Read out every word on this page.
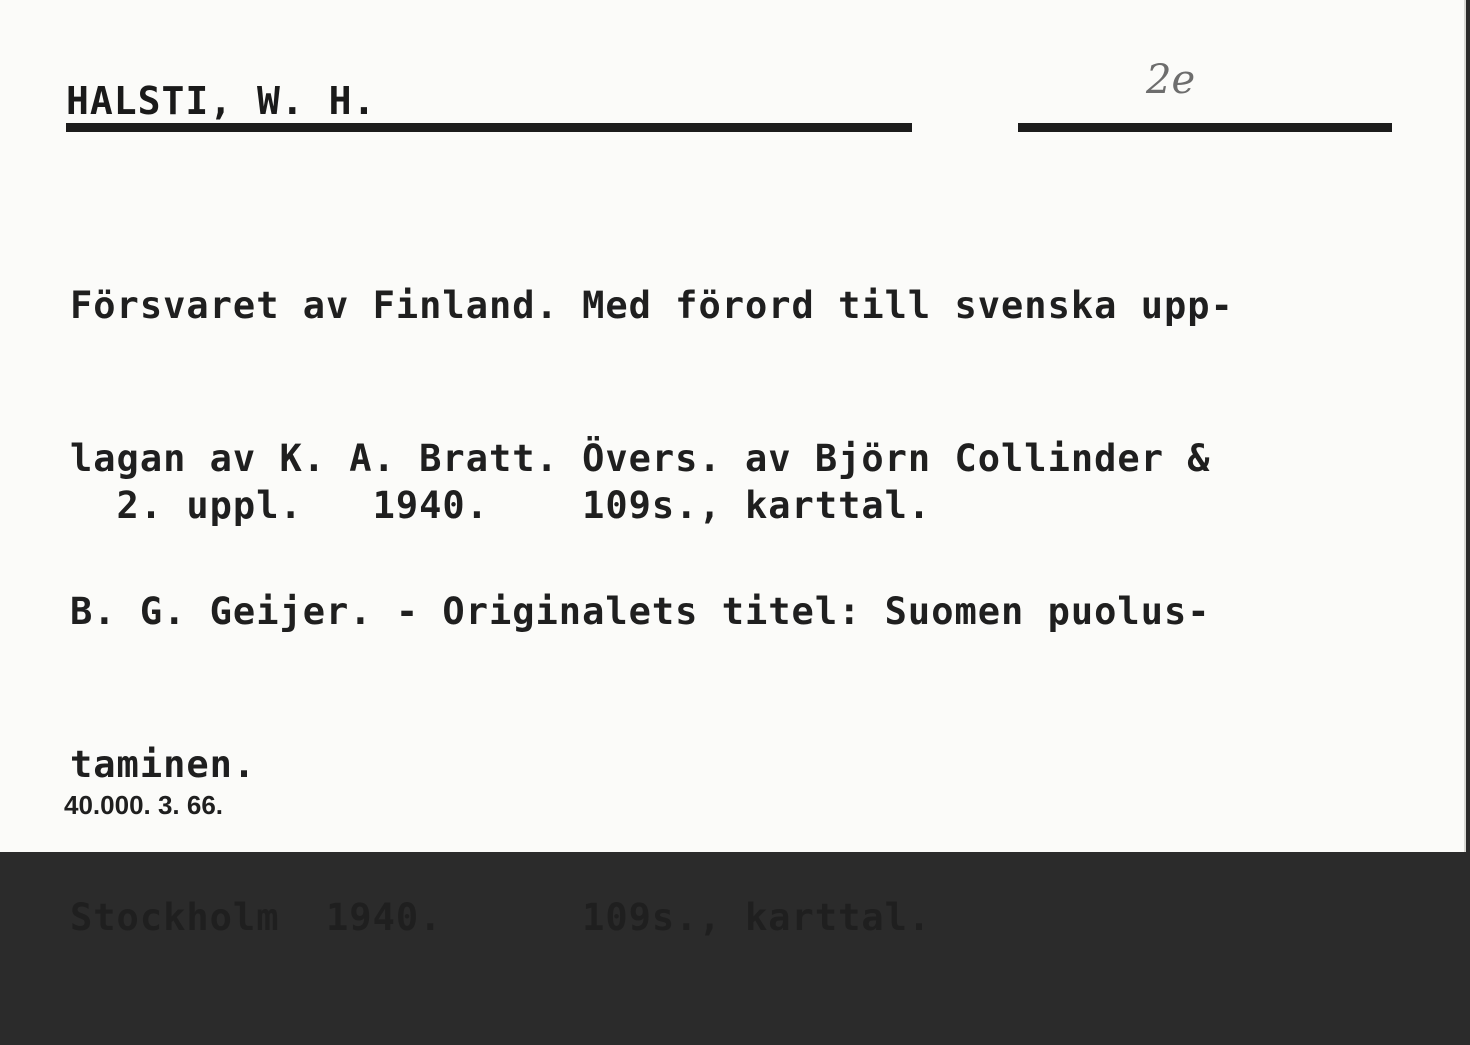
HALSTI, W. H.	2e

Försvaret av Finland. Med förord till svenska upp-

lagan av K. A. Bratt. Övers. av Björn Collinder &

B. G. Geijer. - Originalets titel: Suomen puolus-

taminen.

Stockholm  1940.      109s., karttal.

2. uppl.   1940.    109s., karttal.
40.000. 3. 66.
